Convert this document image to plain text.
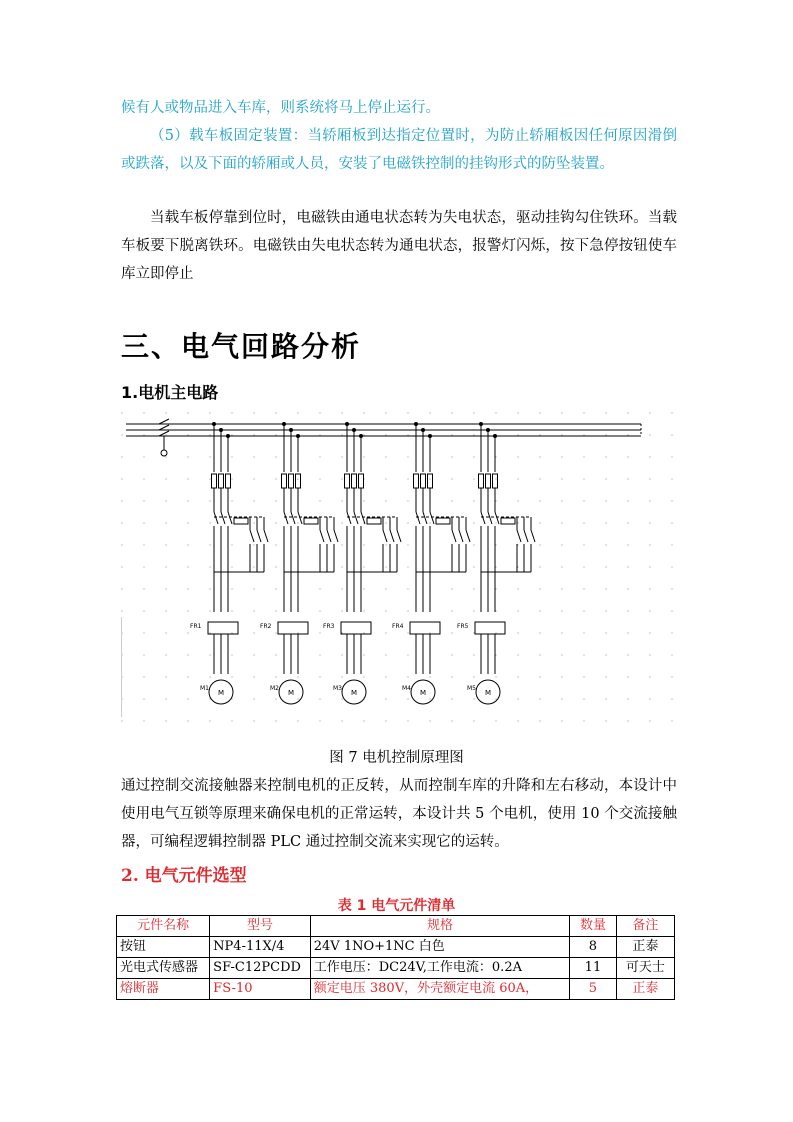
候有人或物品进入车库，则系统将马上停止运行。

（5）载车板固定装置：当轿厢板到达指定位置时，为防止轿厢板因任何原因滑倒或跌落，以及下面的轿厢或人员，安装了电磁铁控制的挂钩形式的防坠装置。

当载车板停靠到位时，电磁铁由通电状态转为失电状态，驱动挂钩勾住铁环。当载车板要下脱离铁环。电磁铁由失电状态转为通电状态，报警灯闪烁，按下急停按钮使车库立即停止

三、电气回路分析
1.电机主电路
FR1
M1
M
FR2
M2
M
FR3
M3
M
FR4
M4
M
FR5
M5
M
图 7 电机控制原理图

通过控制交流接触器来控制电机的正反转，从而控制车库的升降和左右移动，本设计中使用电气互锁等原理来确保电机的正常运转，本设计共 5 个电机，使用 10 个交流接触器，可编程逻辑控制器 PLC 通过控制交流来实现它的运转。

2. 电气元件选型
表 1 电气元件清单
元件名称	型号	规格	数量	备注
按钮	NP4-11X/4	24V 1NO+1NC 白色	8	正泰
光电式传感器	SF-C12PCDD	工作电压：DC24V,工作电流：0.2A	11	可天士
熔断器	FS-10	额定电压 380V，外壳额定电流 60A，	5	正泰
